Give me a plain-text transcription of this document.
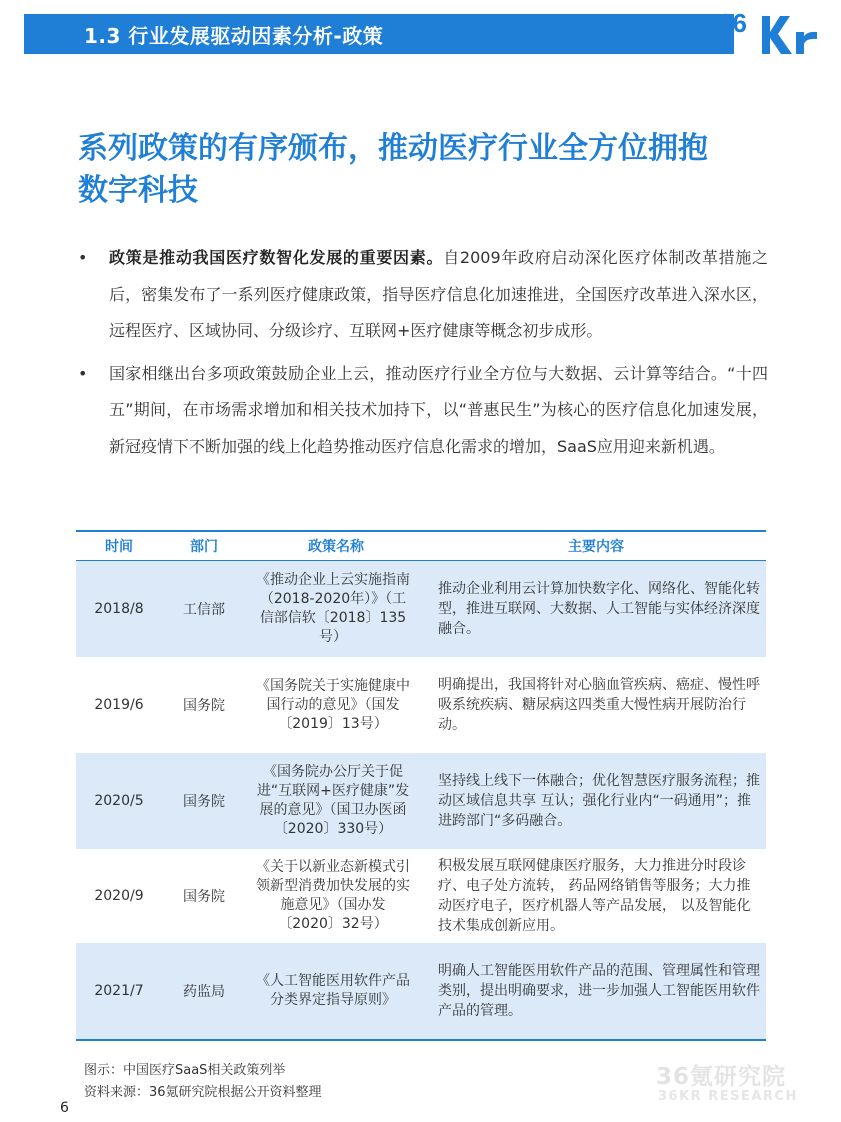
1.3 行业发展驱动因素分析-政策	36
系列政策的有序颁布，推动医疗行业全方位拥抱
数字科技
• 政策是推动我国医疗数智化发展的重要因素。自2009年政府启动深化医疗体制改革措施之后，密集发布了一系列医疗健康政策，指导医疗信息化加速推进，全国医疗改革进入深水区，远程医疗、区域协同、分级诊疗、互联网+医疗健康等概念初步成形。
• 国家相继出台多项政策鼓励企业上云，推动医疗行业全方位与大数据、云计算等结合。“十四五”期间，在市场需求增加和相关技术加持下，以“普惠民生”为核心的医疗信息化加速发展，新冠疫情下不断加强的线上化趋势推动医疗信息化需求的增加，SaaS应用迎来新机遇。
时间	部门	政策名称	主要内容
2018/8	工信部	《推动企业上云实施指南（2018-2020年）》（工信部信软〔2018〕135号）	推动企业利用云计算加快数字化、网络化、智能化转型，推进互联网、大数据、人工智能与实体经济深度融合。
2019/6	国务院	《国务院关于实施健康中国行动的意见》（国发〔2019〕13号）	明确提出，我国将针对心脑血管疾病、癌症、慢性呼吸系统疾病、糖尿病这四类重大慢性病开展防治行动。
2020/5	国务院	《国务院办公厅关于促进“互联网+医疗健康”发展的意见》（国卫办医函〔2020〕330号）	坚持线上线下一体融合；优化智慧医疗服务流程；推动区域信息共享 互认；强化行业内“一码通用”；推进跨部门“多码融合。
2020/9	国务院	《关于以新业态新模式引领新型消费加快发展的实施意见》（国办发〔2020〕32号）	积极发展互联网健康医疗服务，大力推进分时段诊疗、电子处方流转， 药品网络销售等服务；大力推动医疗电子，医疗机器人等产品发展， 以及智能化技术集成创新应用。
2021/7	药监局	《人工智能医用软件产品分类界定指导原则》	明确人工智能医用软件产品的范围、管理属性和管理类别，提出明确要求，进一步加强人工智能医用软件产品的管理。
图示：中国医疗SaaS相关政策列举
资料来源：36氪研究院根据公开资料整理
36氪研究院
36KR RESEARCH
6
